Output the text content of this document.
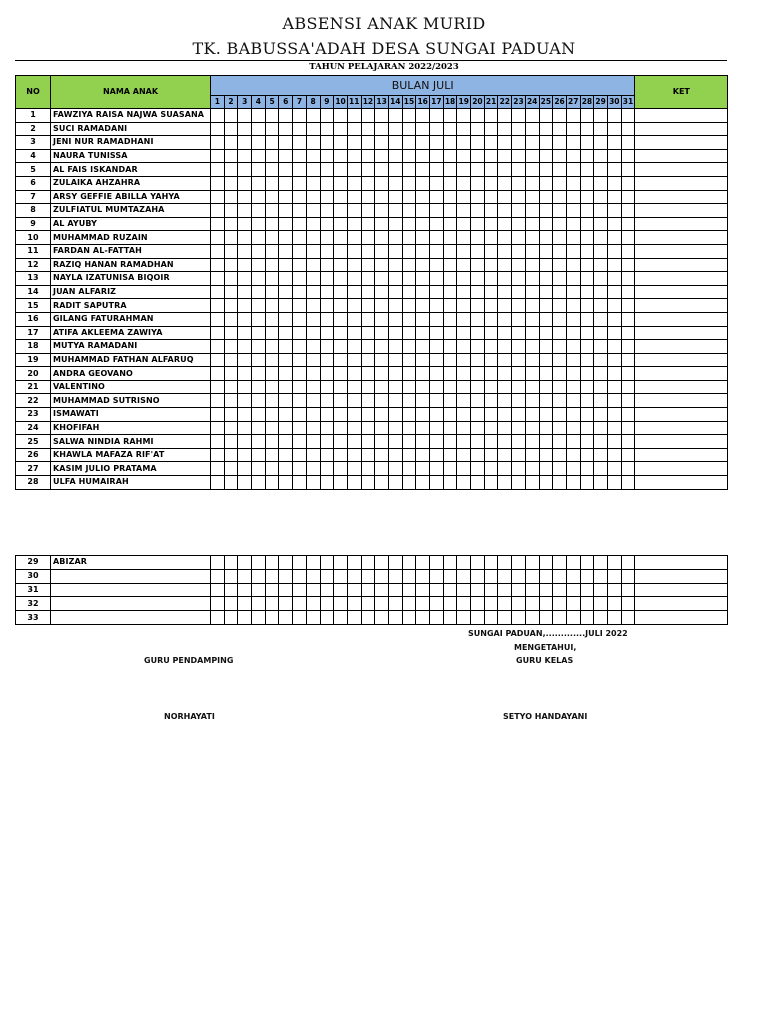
ABSENSI ANAK MURID
TK. BABUSSA'ADAH DESA SUNGAI PADUAN
TAHUN PELAJARAN 2022/2023
NO	NAMA ANAK	BULAN JULI																															KET
		1	2	3	4	5	6	7	8	9	10	11	12	13	14	15	16	17	18	19	20	21	22	23	24	25	26	27	28	29	30	31	
1	FAWZIYA RAISA NAJWA SUASANA																																
2	SUCI RAMADANI																																
3	JENI NUR RAMADHANI																																
4	NAURA TUNISSA																																
5	AL FAIS ISKANDAR																																
6	ZULAIKA AHZAHRA																																
7	ARSY GEFFIE ABILLA YAHYA																																
8	ZULFIATUL MUMTAZAHA																																
9	AL AYUBY																																
10	MUHAMMAD RUZAIN																																
11	FARDAN AL-FATTAH																																
12	RAZIQ HANAN RAMADHAN																																
13	NAYLA IZATUNISA BIQOIR																																
14	JUAN ALFARIZ																																
15	RADIT SAPUTRA																																
16	GILANG FATURAHMAN																																
17	ATIFA AKLEEMA ZAWIYA																																
18	MUTYA RAMADANI																																
19	MUHAMMAD FATHAN ALFARUQ																																
20	ANDRA GEOVANO																																
21	VALENTINO																																
22	MUHAMMAD SUTRISNO																																
23	ISMAWATI																																
24	KHOFIFAH																																
25	SALWA NINDIA RAHMI																																
26	KHAWLA MAFAZA RIF'AT																																
27	KASIM JULIO PRATAMA																																
28	ULFA HUMAIRAH																																
29	ABIZAR																																
30																																	
31																																	
32																																	
33																																	
SUNGAI PADUAN,.............JULI 2022
MENGETAHUI,
GURU PENDAMPING	GURU KELAS
NORHAYATI	SETYO HANDAYANI
